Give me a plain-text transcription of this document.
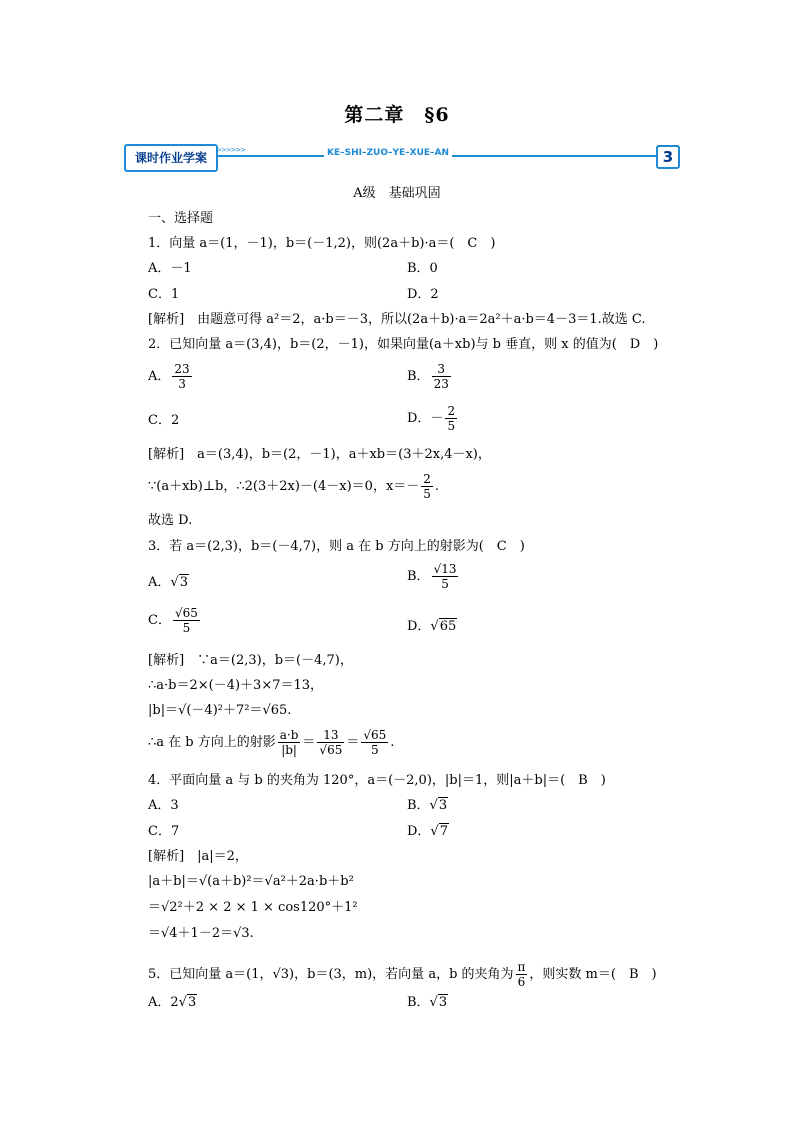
第二章　§6
课时作业学案
>>>>>>	KE–SHI–ZUO–YE–XUE–AN	3
A级　基础巩固
一、选择题
1．向量 a＝(1，－1)，b＝(－1,2)，则(2a＋b)·a＝(　C　)
A．－1	B．0
C．1	D．2
[解析]　由题意可得 a²＝2，a·b＝－3，所以(2a＋b)·a＝2a²＋a·b＝4－3＝1.故选 C.
2．已知向量 a＝(3,4)，b＝(2，－1)，如果向量(a＋xb)与 b 垂直，则 x 的值为(　D　)
A． $\frac{23}{3}$	B． $\frac{3}{23}$
C．2	D．－ $\frac{2}{5}$
[解析]　a＝(3,4)，b＝(2，－1)，a＋xb＝(3＋2x,4－x)，
∵(a＋xb)⊥b，∴2(3＋2x)－(4－x)＝0，$x=- \frac{2}{5}$ .
故选 D.
3．若 a＝(2,3)，b＝(－4,7)，则 a 在 b 方向上的射影为(　C　)
A．√3	B． $\frac{√13}{5}$
C． $\frac{√65}{5}$	D．√65
[解析]　∵a＝(2,3)，b＝(－4,7)，
∴a·b＝2×(－4)＋3×7＝13，
|b|＝√(－4)²＋7²＝√65.
∴a 在 b 方向上的射影 $\frac{a\cdot b}{|b|} = \frac{13}{√65} = \frac{√65}{5}$ .
4．平面向量 a 与 b 的夹角为 120°，a＝(－2,0)，|b|＝1，则|a＋b|＝(　B　)
A．3	B．√3
C．7	D．√7
[解析]　|a|＝2，
|a＋b|＝√(a＋b)²＝√a²＋2a·b＋b²
＝√2²＋2 × 2 × 1 × cos120°＋1²
＝√4＋1－2＝√3.
5．已知向量 a＝(1，√3)，b＝(3，m)，若向量 a，b 的夹角为 $\frac{\pi}{6}$ ，则实数 m＝(　B　)
A．2√3	B．√3
